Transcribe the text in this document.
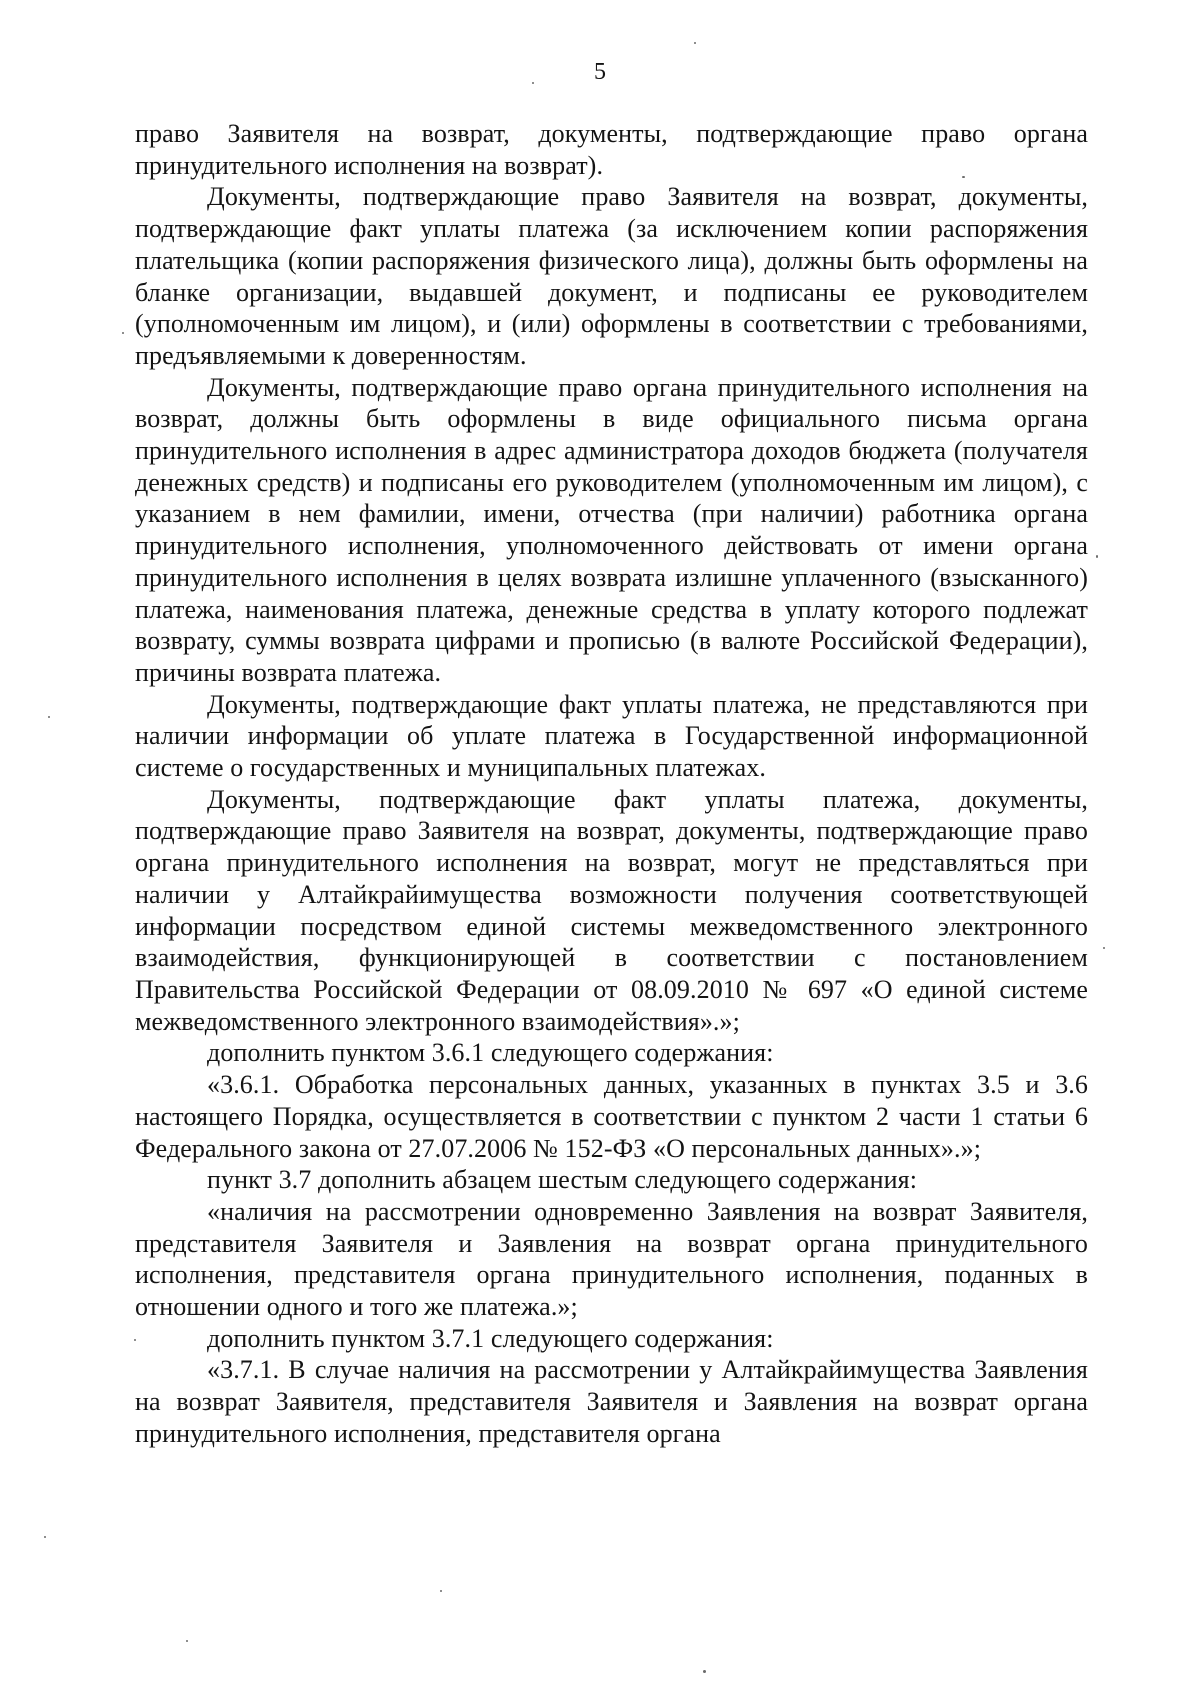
5

право Заявителя на возврат, документы, подтверждающие право органа принудительного исполнения на возврат).

Документы, подтверждающие право Заявителя на возврат, документы, подтверждающие факт уплаты платежа (за исключением копии распоряжения плательщика (копии распоряжения физического лица), должны быть оформлены на бланке организации, выдавшей документ, и подписаны ее руководителем (уполномоченным им лицом), и (или) оформлены в соответствии с требованиями, предъявляемыми к доверенностям.

Документы, подтверждающие право органа принудительного исполнения на возврат, должны быть оформлены в виде официального письма органа принудительного исполнения в адрес администратора доходов бюджета (получателя денежных средств) и подписаны его руководителем (уполномоченным им лицом), с указанием в нем фамилии, имени, отчества (при наличии) работника органа принудительного исполнения, уполномоченного действовать от имени органа принудительного исполнения в целях возврата излишне уплаченного (взысканного) платежа, наименования платежа, денежные средства в уплату которого подлежат возврату, суммы возврата цифрами и прописью (в валюте Российской Федерации), причины возврата платежа.

Документы, подтверждающие факт уплаты платежа, не представляются при наличии информации об уплате платежа в Государственной информационной системе о государственных и муниципальных платежах.

Документы, подтверждающие факт уплаты платежа, документы, подтверждающие право Заявителя на возврат, документы, подтверждающие право органа принудительного исполнения на возврат, могут не представляться при наличии у Алтайкрайимущества возможности получения соответствующей информации посредством единой системы межведомственного электронного взаимодействия, функционирующей в соответствии с постановлением Правительства Российской Федерации от 08.09.2010 № 697 «О единой системе межведомственного электронного взаимодействия».»;

дополнить пунктом 3.6.1 следующего содержания:

«3.6.1. Обработка персональных данных, указанных в пунктах 3.5 и 3.6 настоящего Порядка, осуществляется в соответствии с пунктом 2 части 1 статьи 6 Федерального закона от 27.07.2006 № 152-ФЗ «О персональных данных».»;

пункт 3.7 дополнить абзацем шестым следующего содержания:

«наличия на рассмотрении одновременно Заявления на возврат Заявителя, представителя Заявителя и Заявления на возврат органа принудительного исполнения, представителя органа принудительного исполнения, поданных в отношении одного и того же платежа.»;

дополнить пунктом 3.7.1 следующего содержания:

«3.7.1. В случае наличия на рассмотрении у Алтайкрайимущества Заявления на возврат Заявителя, представителя Заявителя и Заявления на возврат органа принудительного исполнения, представителя органа
